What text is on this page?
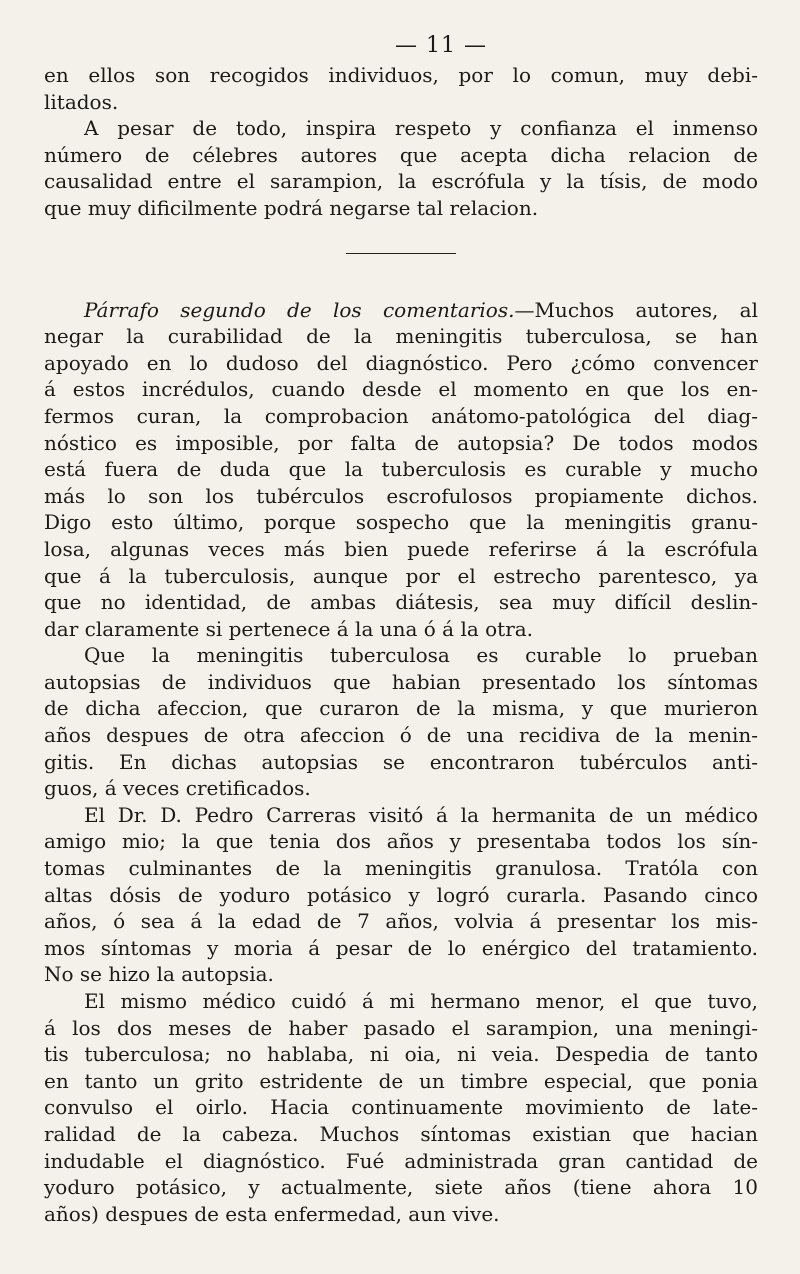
— 11 —
en ellos son recogidos individuos, por lo comun, muy debi-
litados.
A pesar de todo, inspira respeto y confianza el inmenso
número de célebres autores que acepta dicha relacion de
causalidad entre el sarampion, la escrófula y la tísis, de modo
que muy dificilmente podrá negarse tal relacion.
Párrafo segundo de los comentarios.—Muchos autores, al
negar la curabilidad de la meningitis tuberculosa, se han
apoyado en lo dudoso del diagnóstico. Pero ¿cómo convencer
á estos incrédulos, cuando desde el momento en que los en-
fermos curan, la comprobacion anátomo-patológica del diag-
nóstico es imposible, por falta de autopsia? De todos modos
está fuera de duda que la tuberculosis es curable y mucho
más lo son los tubérculos escrofulosos propiamente dichos.
Digo esto último, porque sospecho que la meningitis granu-
losa, algunas veces más bien puede referirse á la escrófula
que á la tuberculosis, aunque por el estrecho parentesco, ya
que no identidad, de ambas diátesis, sea muy difícil deslin-
dar claramente si pertenece á la una ó á la otra.
Que la meningitis tuberculosa es curable lo prueban
autopsias de individuos que habian presentado los síntomas
de dicha afeccion, que curaron de la misma, y que murieron
años despues de otra afeccion ó de una recidiva de la menin-
gitis. En dichas autopsias se encontraron tubérculos anti-
guos, á veces cretificados.
El Dr. D. Pedro Carreras visitó á la hermanita de un médico
amigo mio; la que tenia dos años y presentaba todos los sín-
tomas culminantes de la meningitis granulosa. Tratóla con
altas dósis de yoduro potásico y logró curarla. Pasando cinco
años, ó sea á la edad de 7 años, volvia á presentar los mis-
mos síntomas y moria á pesar de lo enérgico del tratamiento.
No se hizo la autopsia.
El mismo médico cuidó á mi hermano menor, el que tuvo,
á los dos meses de haber pasado el sarampion, una meningi-
tis tuberculosa; no hablaba, ni oia, ni veia. Despedia de tanto
en tanto un grito estridente de un timbre especial, que ponia
convulso el oirlo. Hacia continuamente movimiento de late-
ralidad de la cabeza. Muchos síntomas existian que hacian
indudable el diagnóstico. Fué administrada gran cantidad de
yoduro potásico, y actualmente, siete años (tiene ahora 10
años) despues de esta enfermedad, aun vive.
